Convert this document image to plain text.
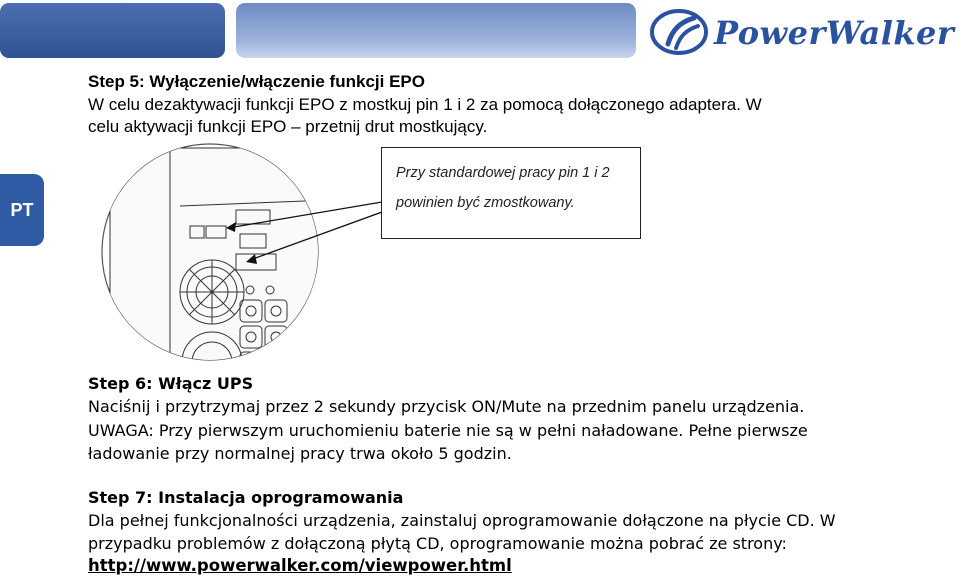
PowerWalker
PT

Step 5: Wyłączenie/włączenie funkcji EPO

W celu dezaktywacji funkcji EPO z mostkuj pin 1 i 2 za pomocą dołączonego adaptera. W

celu aktywacji funkcji EPO – przetnij drut mostkujący.

Przy standardowej pracy pin 1 i 2
powinien być zmostkowany.

Step 6: Włącz UPS

Naciśnij i przytrzymaj przez 2 sekundy przycisk ON/Mute na przednim panelu urządzenia.

UWAGA: Przy pierwszym uruchomieniu baterie nie są w pełni naładowane. Pełne pierwsze

ładowanie przy normalnej pracy trwa około 5 godzin.

Step 7: Instalacja oprogramowania

Dla pełnej funkcjonalności urządzenia, zainstaluj oprogramowanie dołączone na płycie CD. W

przypadku problemów z dołączoną płytą CD, oprogramowanie można pobrać ze strony:

http://www.powerwalker.com/viewpower.html
